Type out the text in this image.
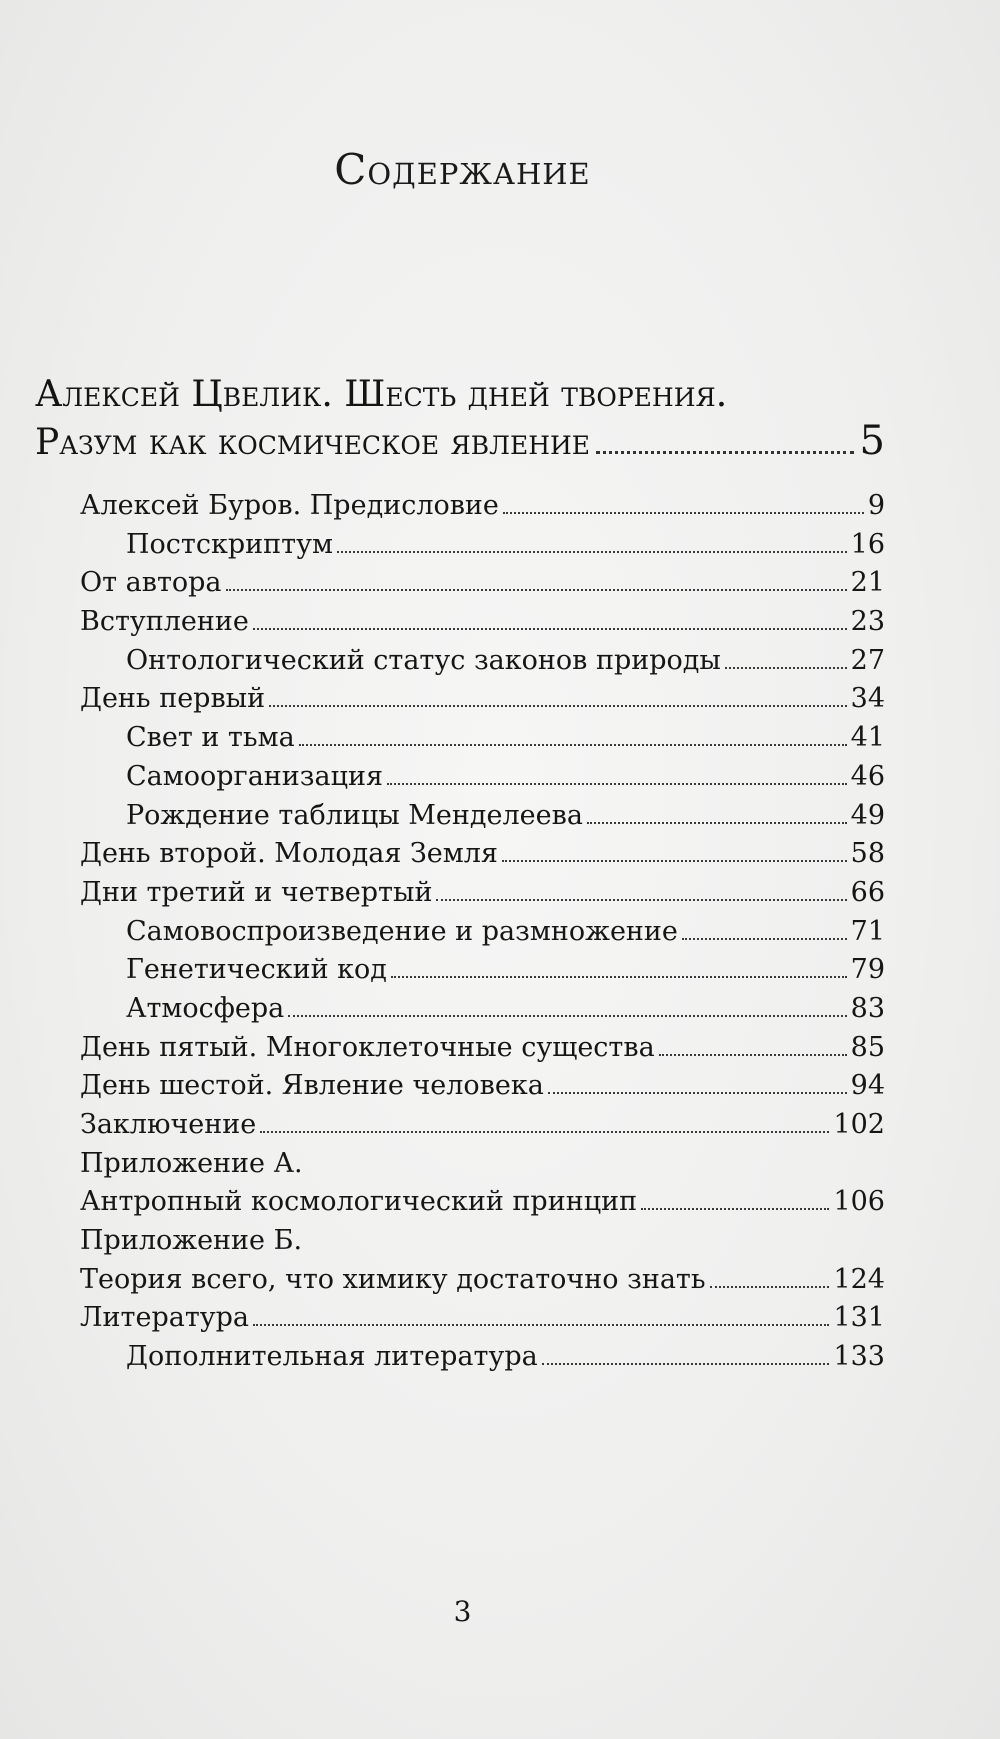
Содержание
Алексей Цвелик. Шесть дней творения.
Разум как космическое явление	5
Алексей Буров. Предисловие	9
Постскриптум	16
От автора	21
Вступление	23
Онтологический статус законов природы	27
День первый	34
Свет и тьма	41
Самоорганизация	46
Рождение таблицы Менделеева	49
День второй. Молодая Земля	58
Дни третий и четвертый	66
Самовоспроизведение и размножение	71
Генетический код	79
Атмосфера	83
День пятый. Многоклеточные существа	85
День шестой. Явление человека	94
Заключение	102
Приложение А.
Антропный космологический принцип	106
Приложение Б.
Теория всего, что химику достаточно знать	124
Литература	131
Дополнительная литература	133
3
